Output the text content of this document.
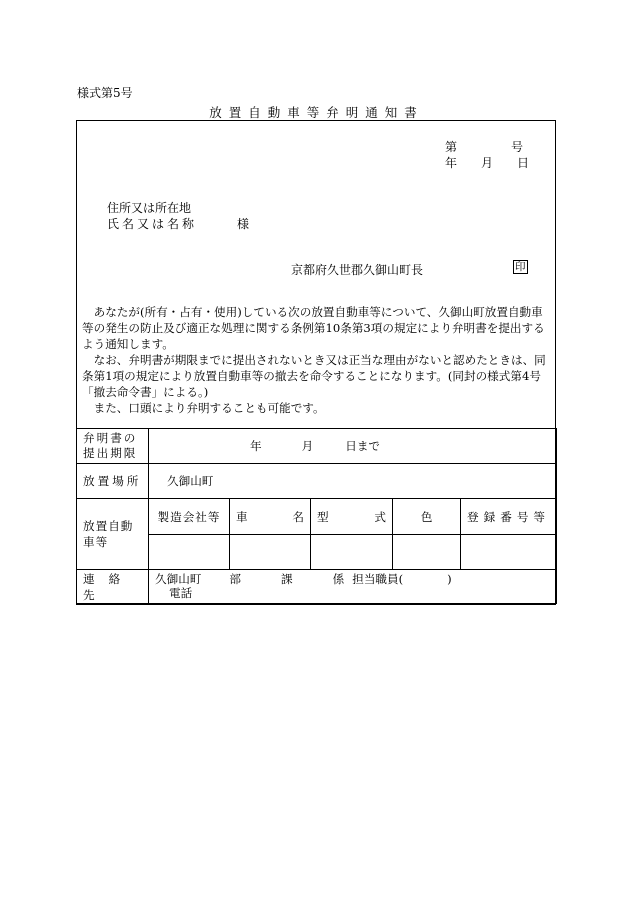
様式第5号
放置自動車等弁明通知書
第	号
年 月 日
住所又は所在地
氏名又は名称	様
京都府久世郡久御山町長	印

　あなたが(所有・占有・使用)している次の放置自動車等について、久御山町放置自動車等の発生の防止及び適正な処理に関する条例第10条第3項の規定により弁明書を提出するよう通知します。

　なお、弁明書が期限までに提出されないとき又は正当な理由がないと認めたときは、同条第1項の規定により放置自動車等の撤去を命令することになります。(同封の様式第4号「撤去命令書」による。)

　また、口頭により弁明することも可能です。

弁明書の提出期限	年 月 日まで				
放置場所	久御山町				
放置自動車等	製造会社等	車 名	型 式	色	登録番号等

連絡先	久御山町 部 課 係 担当職員( )
電話				
